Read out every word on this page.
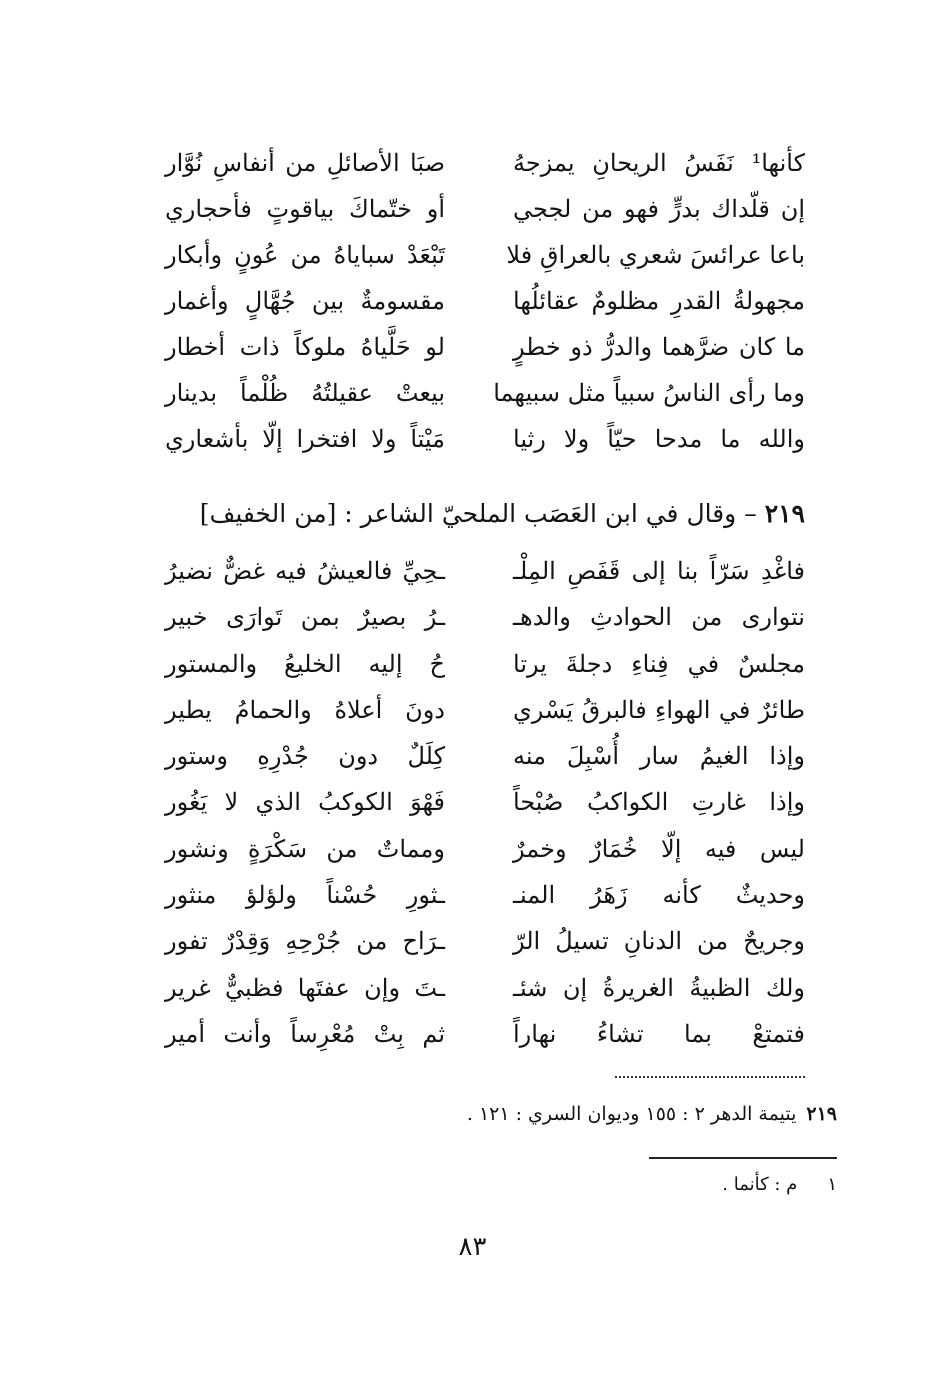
كأنها¹ نَفَسُ الريحانِ يمزجهُ
صبَا الأصائلِ من أنفاسِ نُوَّار
إن قلّداك بدرٍّ فهو من لججي
أو ختّماكَ بياقوتٍ فأحجاري
باعا عرائسَ شعري بالعراقِ فلا
تَبْعَدْ سباياهُ من عُونٍ وأبكار
مجهولةُ القدرِ مظلومٌ عقائلُها
مقسومةٌ بين جُهَّالٍ وأغمار
ما كان ضرَّهما والدرُّ ذو خطرٍ
لو حَلَّياهُ ملوكاً ذات أخطار
وما رأى الناسُ سبياً مثل سبيهما
بيعتْ عقيلتُهُ ظُلْماً بدينار
والله ما مدحا حيّاً ولا رثيا
مَيْتاً ولا افتخرا إلّا بأشعاري
٢١٩– وقال في ابن العَصَب الملحيّ الشاعر : [من الخفيف]
فاغْدِ سَرّاً بنا إلى قَفَصِ المِلْـ
ـحِيِّ فالعيشُ فيه غضٌّ نضيرُ
نتوارى من الحوادثِ والدهـ
ـرُ بصيرٌ بمن تَوارَى خبير
مجلسٌ في فِناءِ دجلةَ يرتا
حُ إليه الخليعُ والمستور
طائرٌ في الهواءِ فالبرقُ يَسْري
دونَ أعلاهُ والحمامُ يطير
وإذا الغيمُ سار أُسْبِلَ منه
كِلَلٌ دون جُدْرِهِ وستور
وإذا غارتِ الكواكبُ صُبْحاً
فَهْوَ الكوكبُ الذي لا يَغُور
ليس فيه إلّا خُمَارٌ وخمرٌ
ومماتٌ من سَكْرَةٍ ونشور
وحديثٌ كأنه زَهَرُ المنـ
ـثورِ حُسْناً ولؤلؤ منثور
وجريحٌ من الدنانِ تسيلُ الرّ
ـرَاح من جُرْحِهِ وَقِدْرٌ تفور
ولك الظبيةُ الغريرةُ إن شئـ
ـتَ وإن عفتَها فظبيٌّ غرير
فتمتعْ بما تشاءُ نهاراً
ثم بِتْ مُعْرِساً وأنت أمير
٢١٩يتيمة الدهر ٢ : ١٥٥ وديوان السري : ١٢١ .
١م : كأنما .
٨٣
